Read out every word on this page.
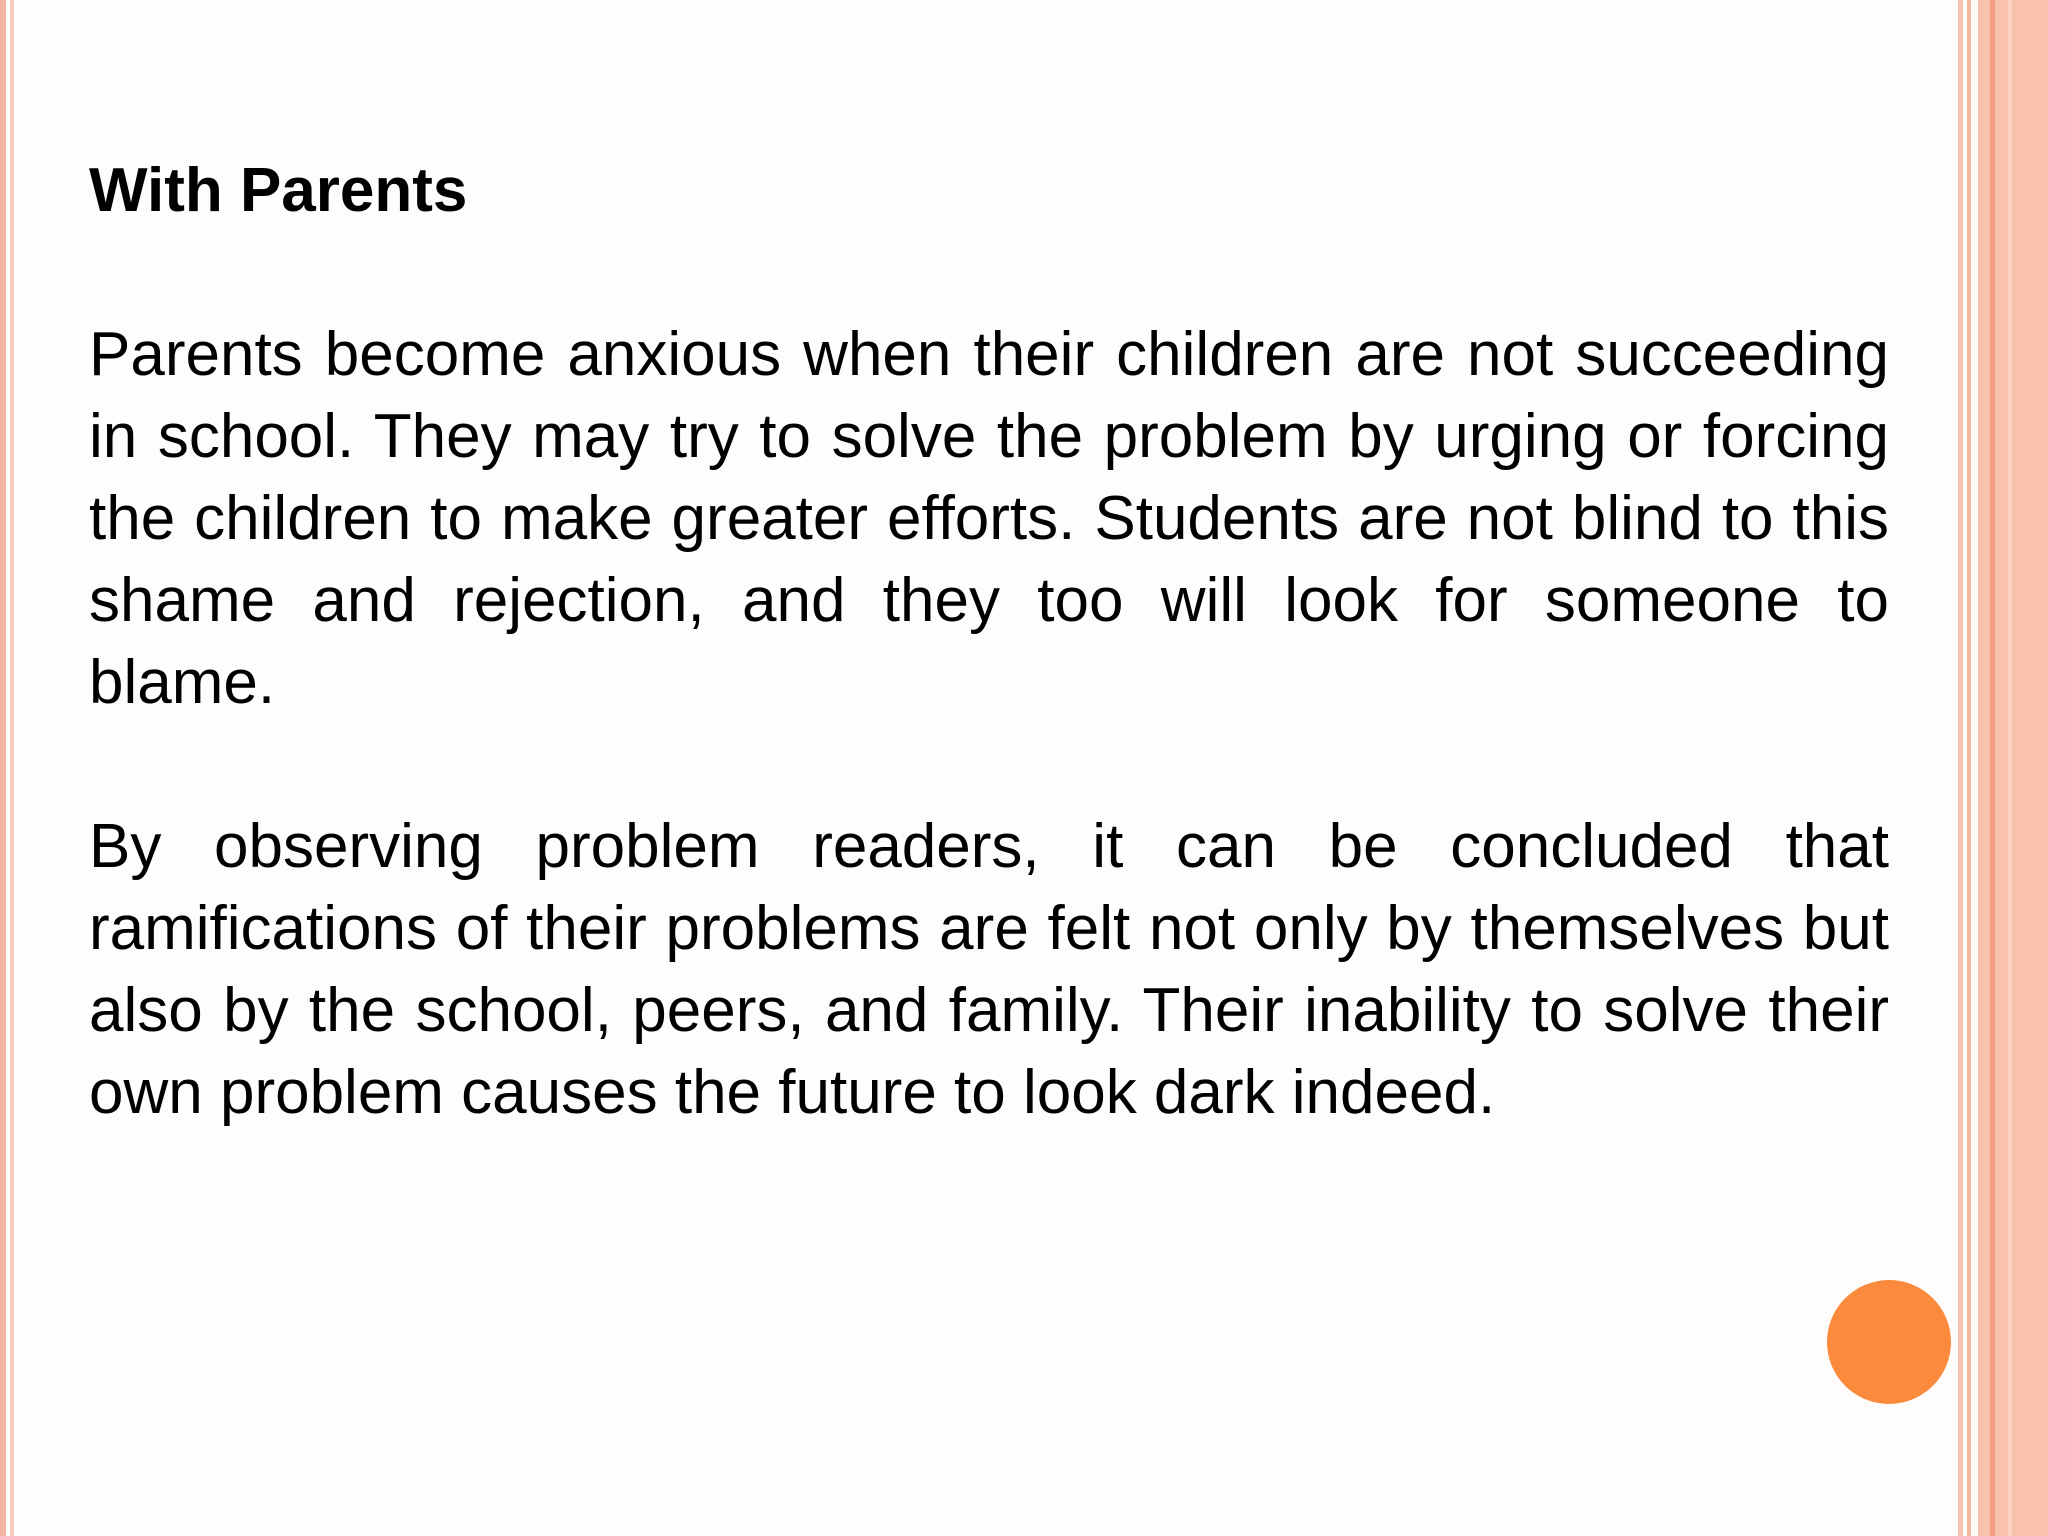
With Parents

Parents become anxious when their children are not succeeding in school. They may try to solve the problem by urging or forcing the children to make greater efforts. Students are not blind to this shame and rejection, and they too will look for someone to blame.

By observing problem readers, it can be concluded that ramifications of their problems are felt not only by themselves but also by the school, peers, and family. Their inability to solve their own problem causes the future to look dark indeed.
